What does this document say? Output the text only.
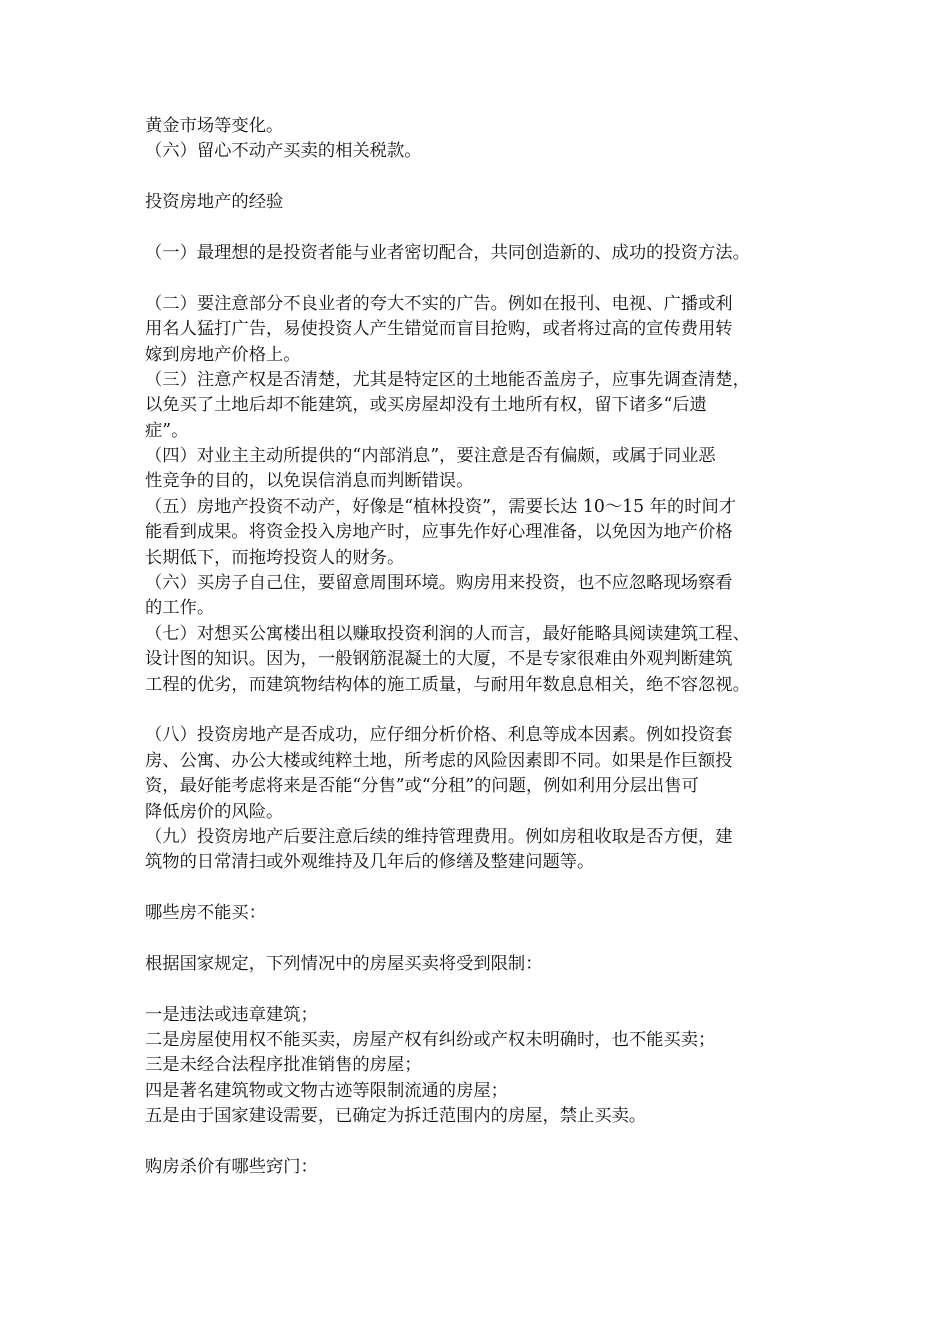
黄金市场等变化。
（六）留心不动产买卖的相关税款。
投资房地产的经验
（一）最理想的是投资者能与业者密切配合，共同创造新的、成功的投资方法。
（二）要注意部分不良业者的夸大不实的广告。例如在报刊、电视、广播或利
用名人猛打广告，易使投资人产生错觉而盲目抢购，或者将过高的宣传费用转
嫁到房地产价格上。
（三）注意产权是否清楚，尤其是特定区的土地能否盖房子，应事先调查清楚，
以免买了土地后却不能建筑，或买房屋却没有土地所有权，留下诸多“后遗
症”。
（四）对业主主动所提供的“内部消息”，要注意是否有偏颇，或属于同业恶
性竞争的目的，以免误信消息而判断错误。
（五）房地产投资不动产，好像是“植林投资”，需要长达 10～15 年的时间才
能看到成果。将资金投入房地产时，应事先作好心理准备，以免因为地产价格
长期低下，而拖垮投资人的财务。
（六）买房子自己住，要留意周围环境。购房用来投资，也不应忽略现场察看
的工作。
（七）对想买公寓楼出租以赚取投资利润的人而言，最好能略具阅读建筑工程、
设计图的知识。因为，一般钢筋混凝土的大厦，不是专家很难由外观判断建筑
工程的优劣，而建筑物结构体的施工质量，与耐用年数息息相关，绝不容忽视。
（八）投资房地产是否成功，应仔细分析价格、利息等成本因素。例如投资套
房、公寓、办公大楼或纯粹土地，所考虑的风险因素即不同。如果是作巨额投
资，最好能考虑将来是否能“分售”或“分租”的问题，例如利用分层出售可
降低房价的风险。
（九）投资房地产后要注意后续的维持管理费用。例如房租收取是否方便，建
筑物的日常清扫或外观维持及几年后的修缮及整建问题等。
哪些房不能买：
根据国家规定，下列情况中的房屋买卖将受到限制：
一是违法或违章建筑；
二是房屋使用权不能买卖，房屋产权有纠纷或产权未明确时，也不能买卖；
三是未经合法程序批准销售的房屋；
四是著名建筑物或文物古迹等限制流通的房屋；
五是由于国家建设需要，已确定为拆迁范围内的房屋，禁止买卖。
购房杀价有哪些窍门：
